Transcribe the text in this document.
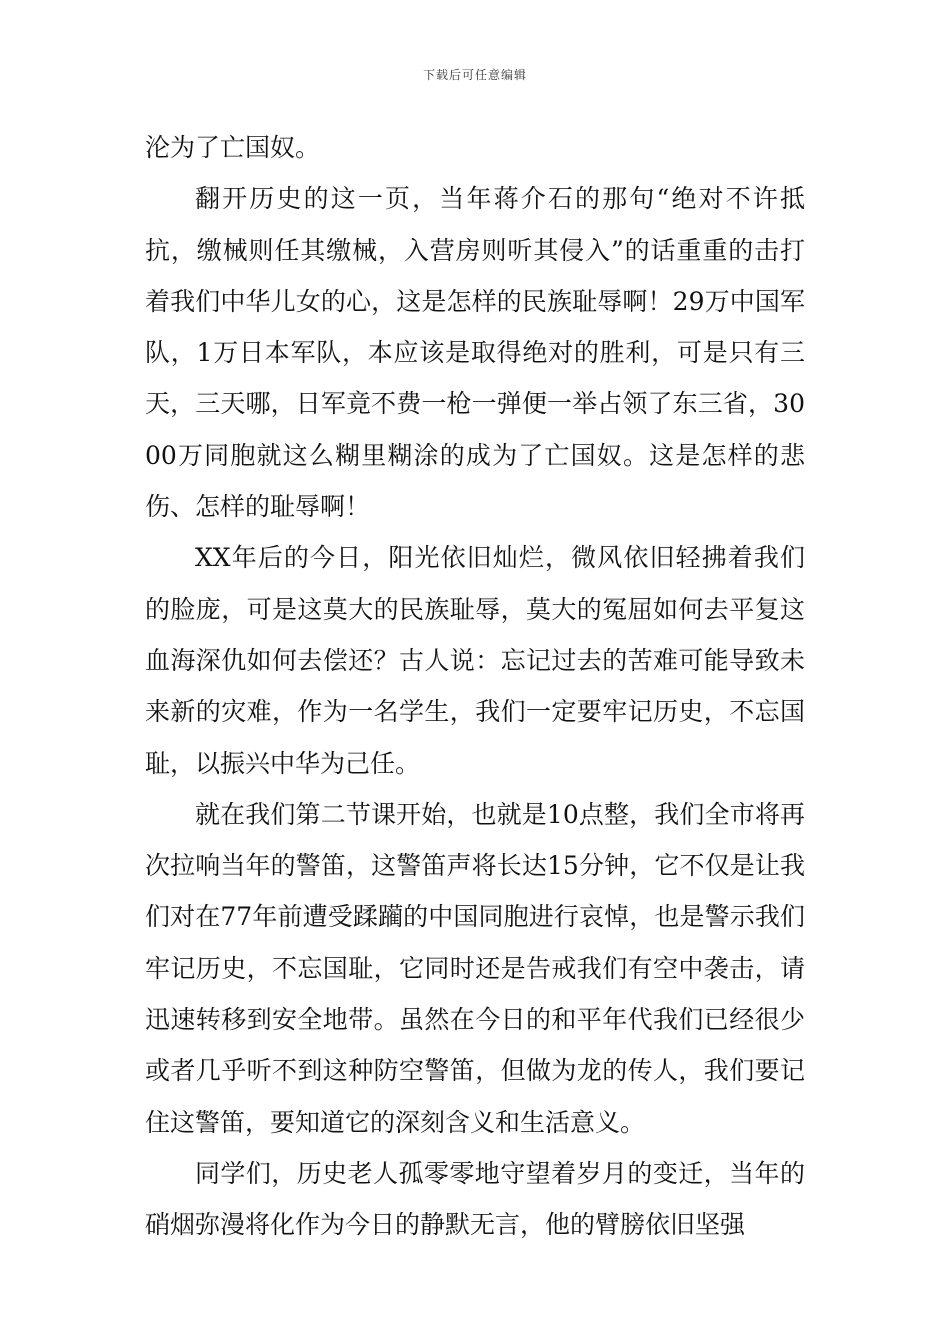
下载后可任意编辑

沦为了亡国奴。

翻开历史的这一页，当年蒋介石的那句“绝对不许抵抗，缴械则任其缴械，入营房则听其侵入”的话重重的击打着我们中华儿女的心，这是怎样的民族耻辱啊！29万中国军队，1万日本军队，本应该是取得绝对的胜利，可是只有三天，三天哪，日军竟不费一枪一弹便一举占领了东三省，3000万同胞就这么糊里糊涂的成为了亡国奴。这是怎样的悲伤、怎样的耻辱啊！

XX年后的今日，阳光依旧灿烂，微风依旧轻拂着我们的脸庞，可是这莫大的民族耻辱，莫大的冤屈如何去平复这血海深仇如何去偿还？古人说：忘记过去的苦难可能导致未来新的灾难，作为一名学生，我们一定要牢记历史，不忘国耻，以振兴中华为己任。

就在我们第二节课开始，也就是10点整，我们全市将再次拉响当年的警笛，这警笛声将长达15分钟，它不仅是让我们对在77年前遭受蹂躏的中国同胞进行哀悼，也是警示我们牢记历史，不忘国耻，它同时还是告戒我们有空中袭击，请迅速转移到安全地带。虽然在今日的和平年代我们已经很少或者几乎听不到这种防空警笛，但做为龙的传人，我们要记住这警笛，要知道它的深刻含义和生活意义。

同学们，历史老人孤零零地守望着岁月的变迁，当年的硝烟弥漫将化作为今日的静默无言，他的臂膀依旧坚强
